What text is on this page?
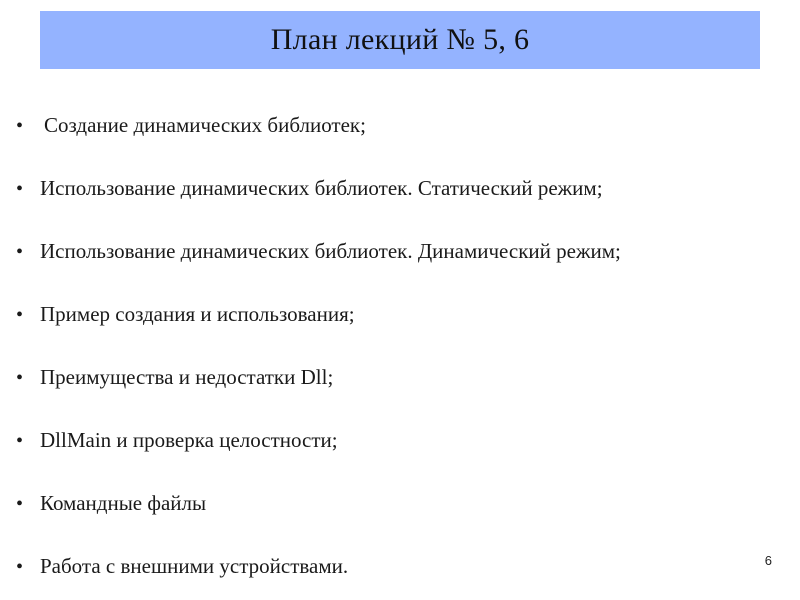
План лекций № 5, 6
• Создание динамических библиотек;
• Использование динамических библиотек. Статический режим;
• Использование динамических библиотек. Динамический режим;
• Пример создания и использования;
• Преимущества и недостатки Dll;
• DllMain и проверка целостности;
• Командные файлы
• Работа с внешними устройствами.	6
